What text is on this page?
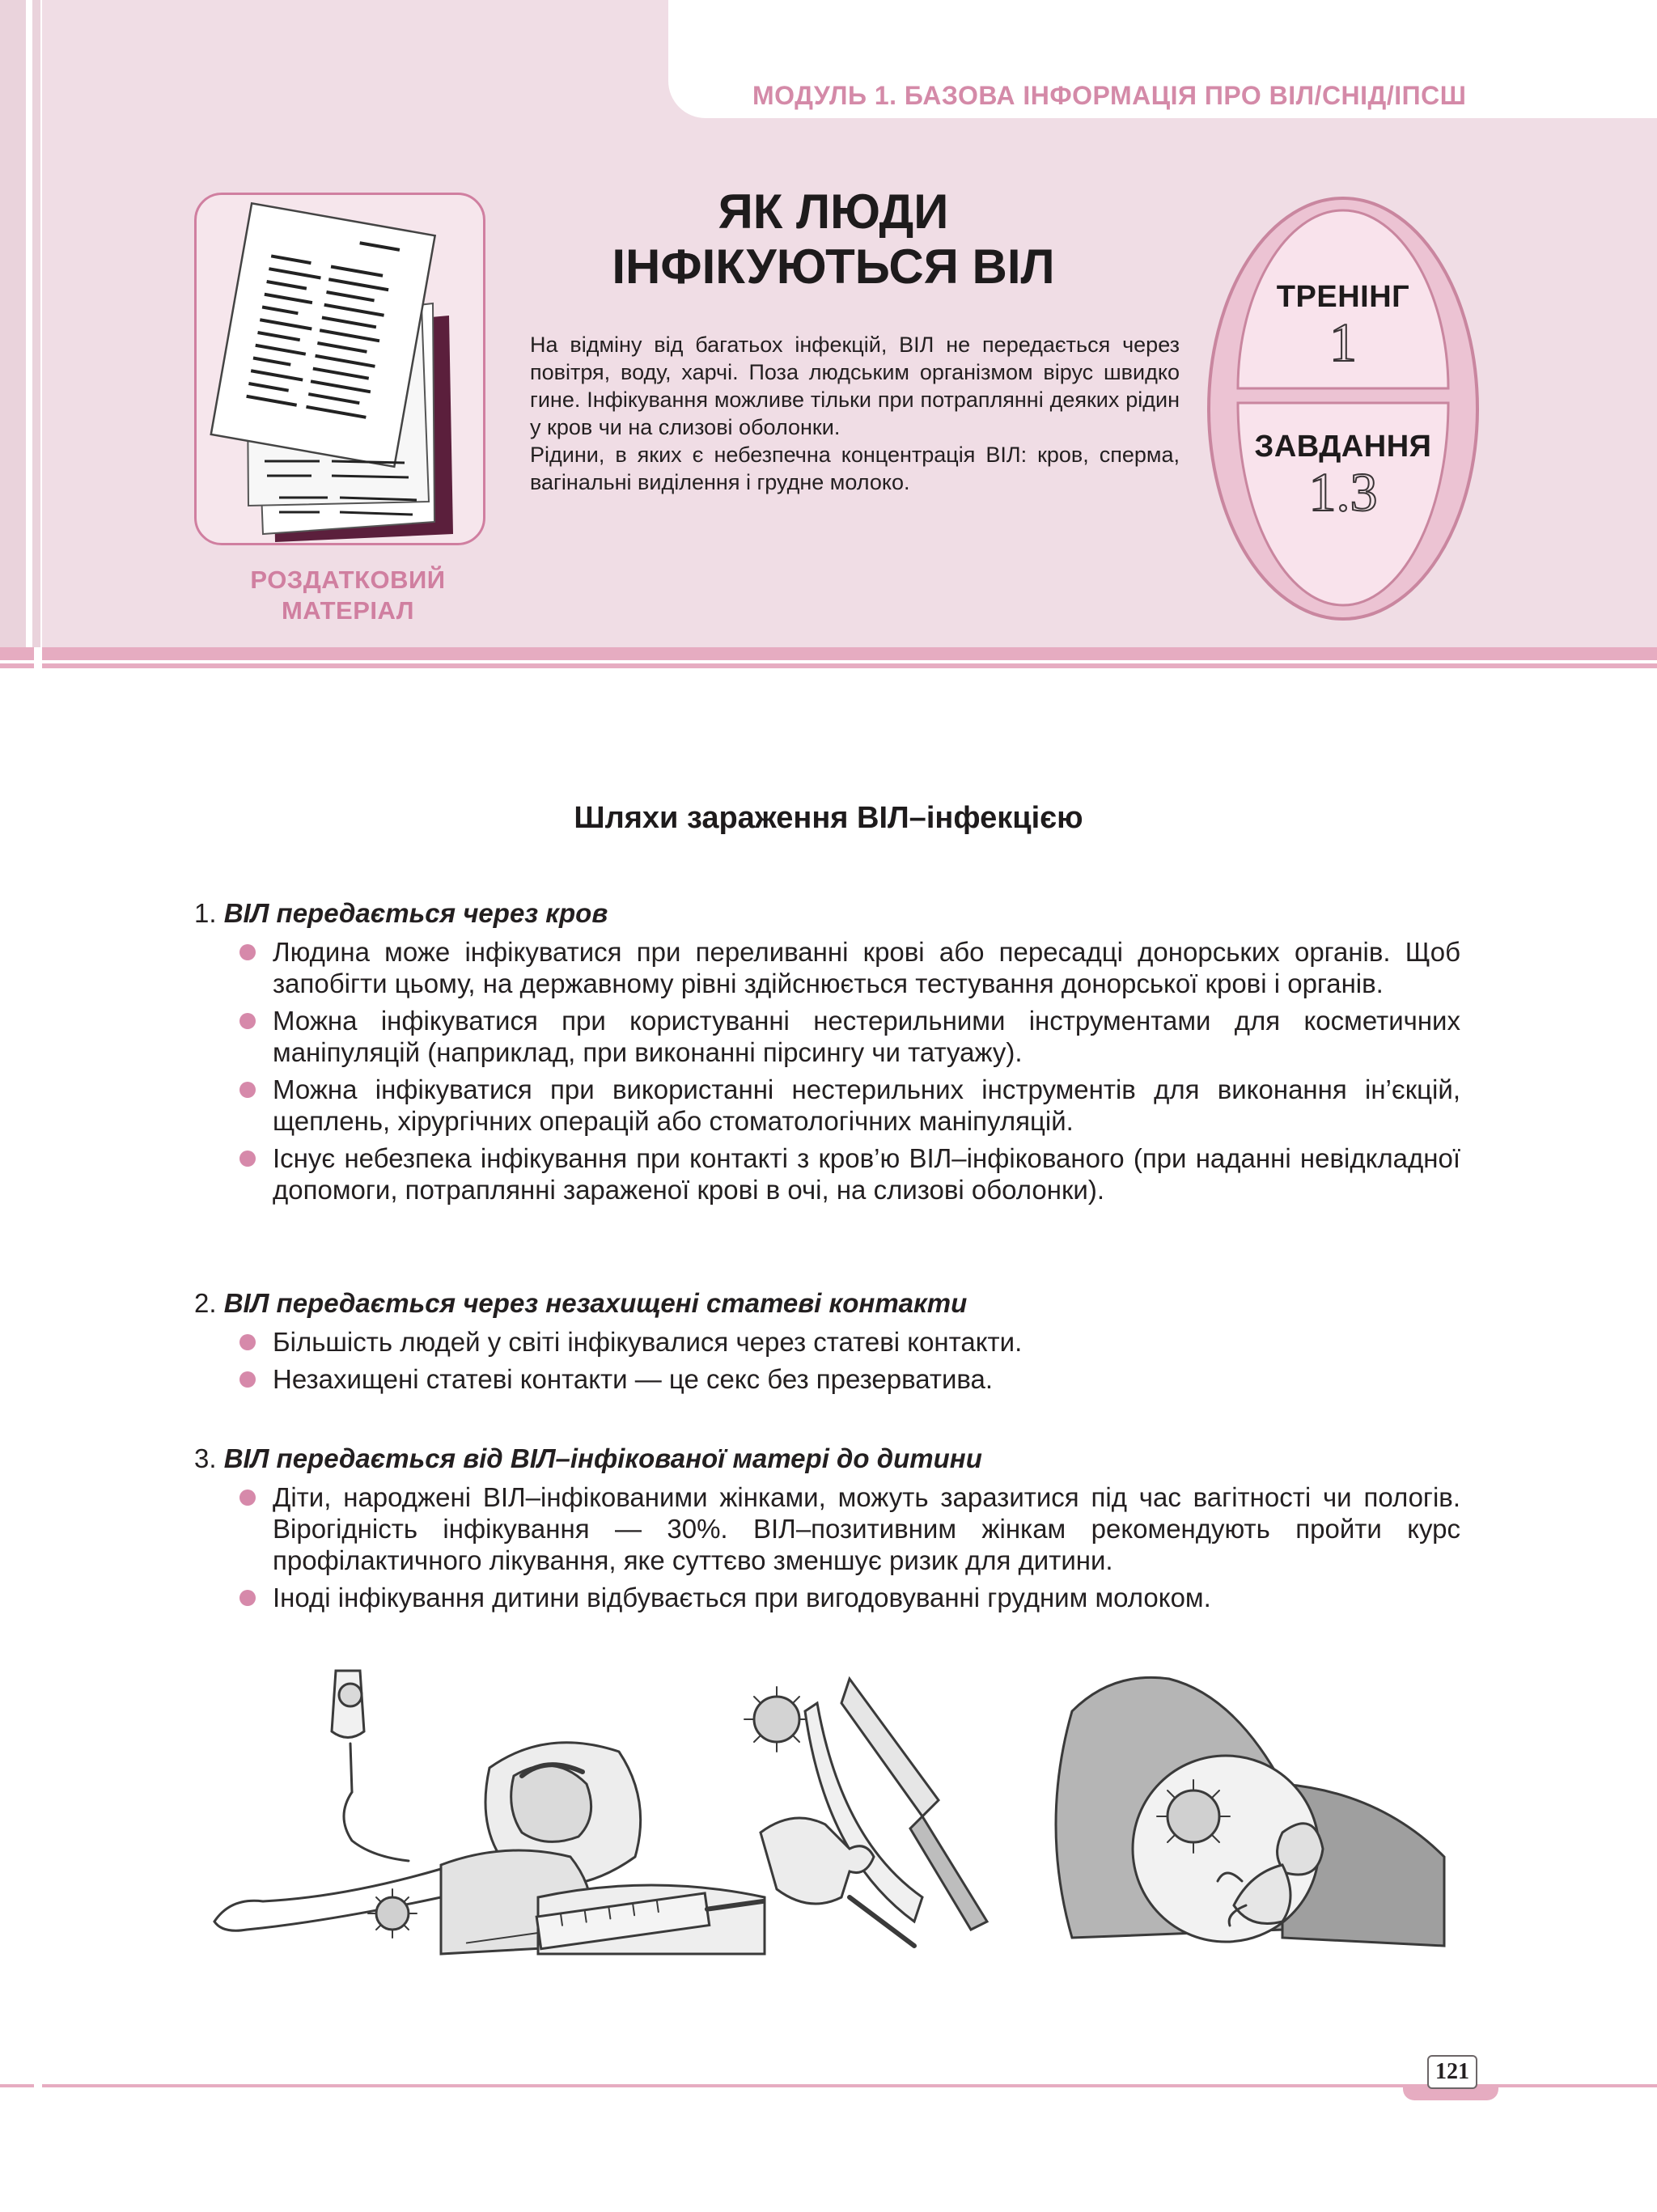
МОДУЛЬ 1. БАЗОВА ІНФОРМАЦІЯ ПРО ВІЛ/СНІД/ІПСШ
РОЗДАТКОВИЙ
МАТЕРІАЛ
ЯК ЛЮДИ
ІНФІКУЮТЬСЯ ВІЛ

На відміну від багатьох інфекцій, ВІЛ не передається через повітря, воду, харчі. Поза людським організмом вірус швидко гине. Інфікування можливе тільки при потраплянні деяких рідин у кров чи на слизові оболонки.

Рідини, в яких є небезпечна концентрація ВІЛ: кров, сперма, вагінальні виділення і грудне молоко.

ТРЕНІНГ
1
ЗАВДАННЯ
1.3
Шляхи зараження ВІЛ–інфекцією
1. ВІЛ передається через кров
Людина може інфікуватися при переливанні крові або пересадці донорських органів. Щоб запобігти цьому, на державному рівні здійснюється тестування донорської крові і органів.
Можна інфікуватися при користуванні нестерильними інструментами для косметичних маніпуляцій (наприклад, при виконанні пірсингу чи татуажу).
Можна інфікуватися при використанні нестерильних інструментів для виконання ін’єкцій, щеплень, хірургічних операцій або стоматологічних маніпуляцій.
Існує небезпека інфікування при контакті з кров’ю ВІЛ–інфікованого (при наданні невідкладної допомоги, потраплянні зараженої крові в очі, на слизові оболонки).
2. ВІЛ передається через незахищені статеві контакти
Більшість людей у світі інфікувалися через статеві контакти.
Незахищені статеві контакти — це секс без презерватива.
3. ВІЛ передається від ВІЛ–інфікованої матері до дитини
Діти, народжені ВІЛ–інфікованими жінками, можуть заразитися під час вагітності чи пологів. Вірогідність інфікування — 30%. ВІЛ–позитивним жінкам рекомендують пройти курс профілактичного лікування, яке суттєво зменшує ризик для дитини.
Іноді інфікування дитини відбувається при вигодовуванні грудним молоком.
121
